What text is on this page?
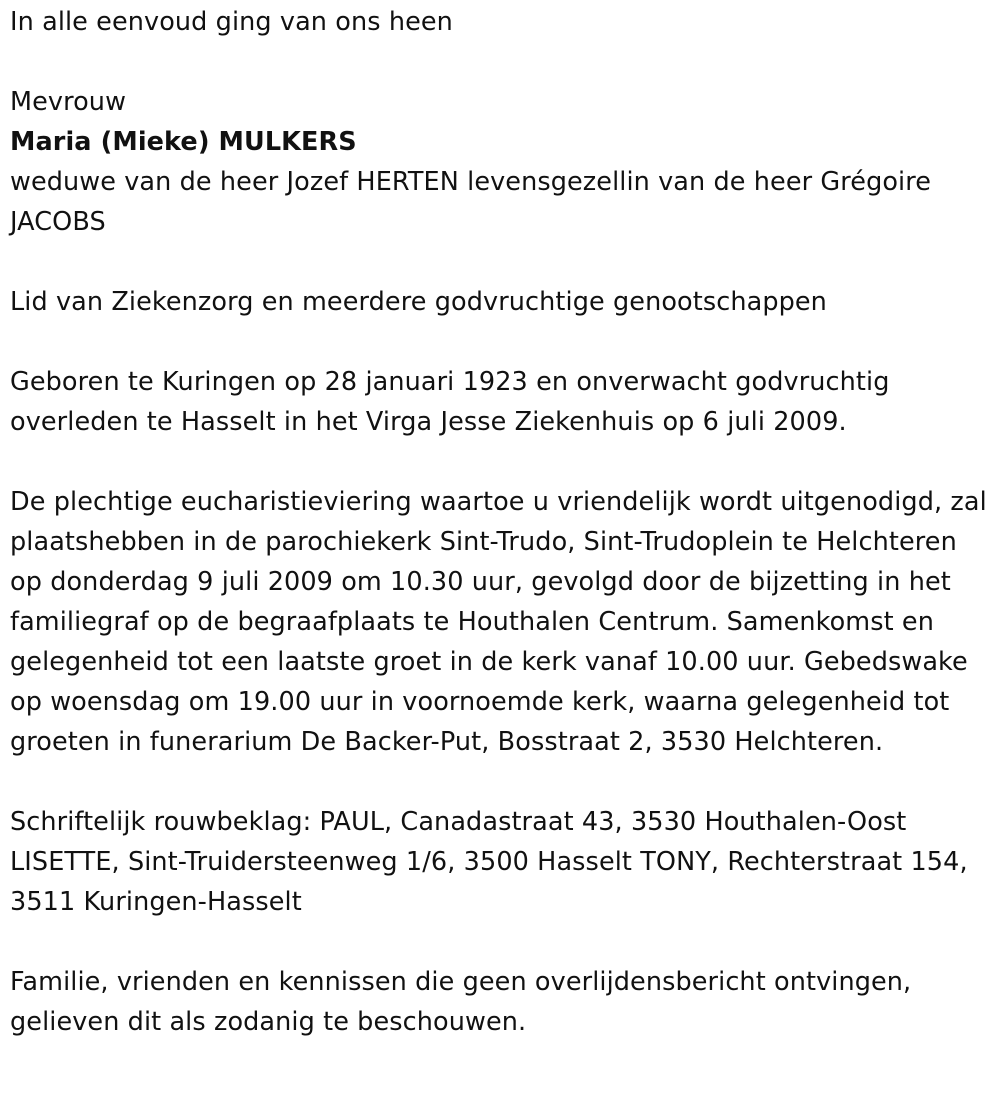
In alle eenvoud ging van ons heen

Mevrouw

Maria (Mieke) MULKERS

weduwe van de heer Jozef HERTEN levensgezellin van de heer Grégoire JACOBS

Lid van Ziekenzorg en meerdere godvruchtige genootschappen

Geboren te Kuringen op 28 januari 1923 en onverwacht godvruchtig overleden te Hasselt in het Virga Jesse Ziekenhuis op 6 juli 2009.

De plechtige eucharistieviering waartoe u vriendelijk wordt uitgenodigd, zal plaatshebben in de parochiekerk Sint-Trudo, Sint-Trudoplein te Helchteren op donderdag 9 juli 2009 om 10.30 uur, gevolgd door de bijzetting in het familiegraf op de begraafplaats te Houthalen Centrum. Samenkomst en gelegenheid tot een laatste groet in de kerk vanaf 10.00 uur. Gebedswake op woensdag om 19.00 uur in voornoemde kerk, waarna gelegenheid tot groeten in funerarium De Backer-Put, Bosstraat 2, 3530 Helchteren.

Schriftelijk rouwbeklag: PAUL, Canadastraat 43, 3530 Houthalen-Oost LISETTE, Sint-Truidersteenweg 1/6, 3500 Hasselt TONY, Rechterstraat 154, 3511 Kuringen-Hasselt

Familie, vrienden en kennissen die geen overlijdensbericht ontvingen, gelieven dit als zodanig te beschouwen.
